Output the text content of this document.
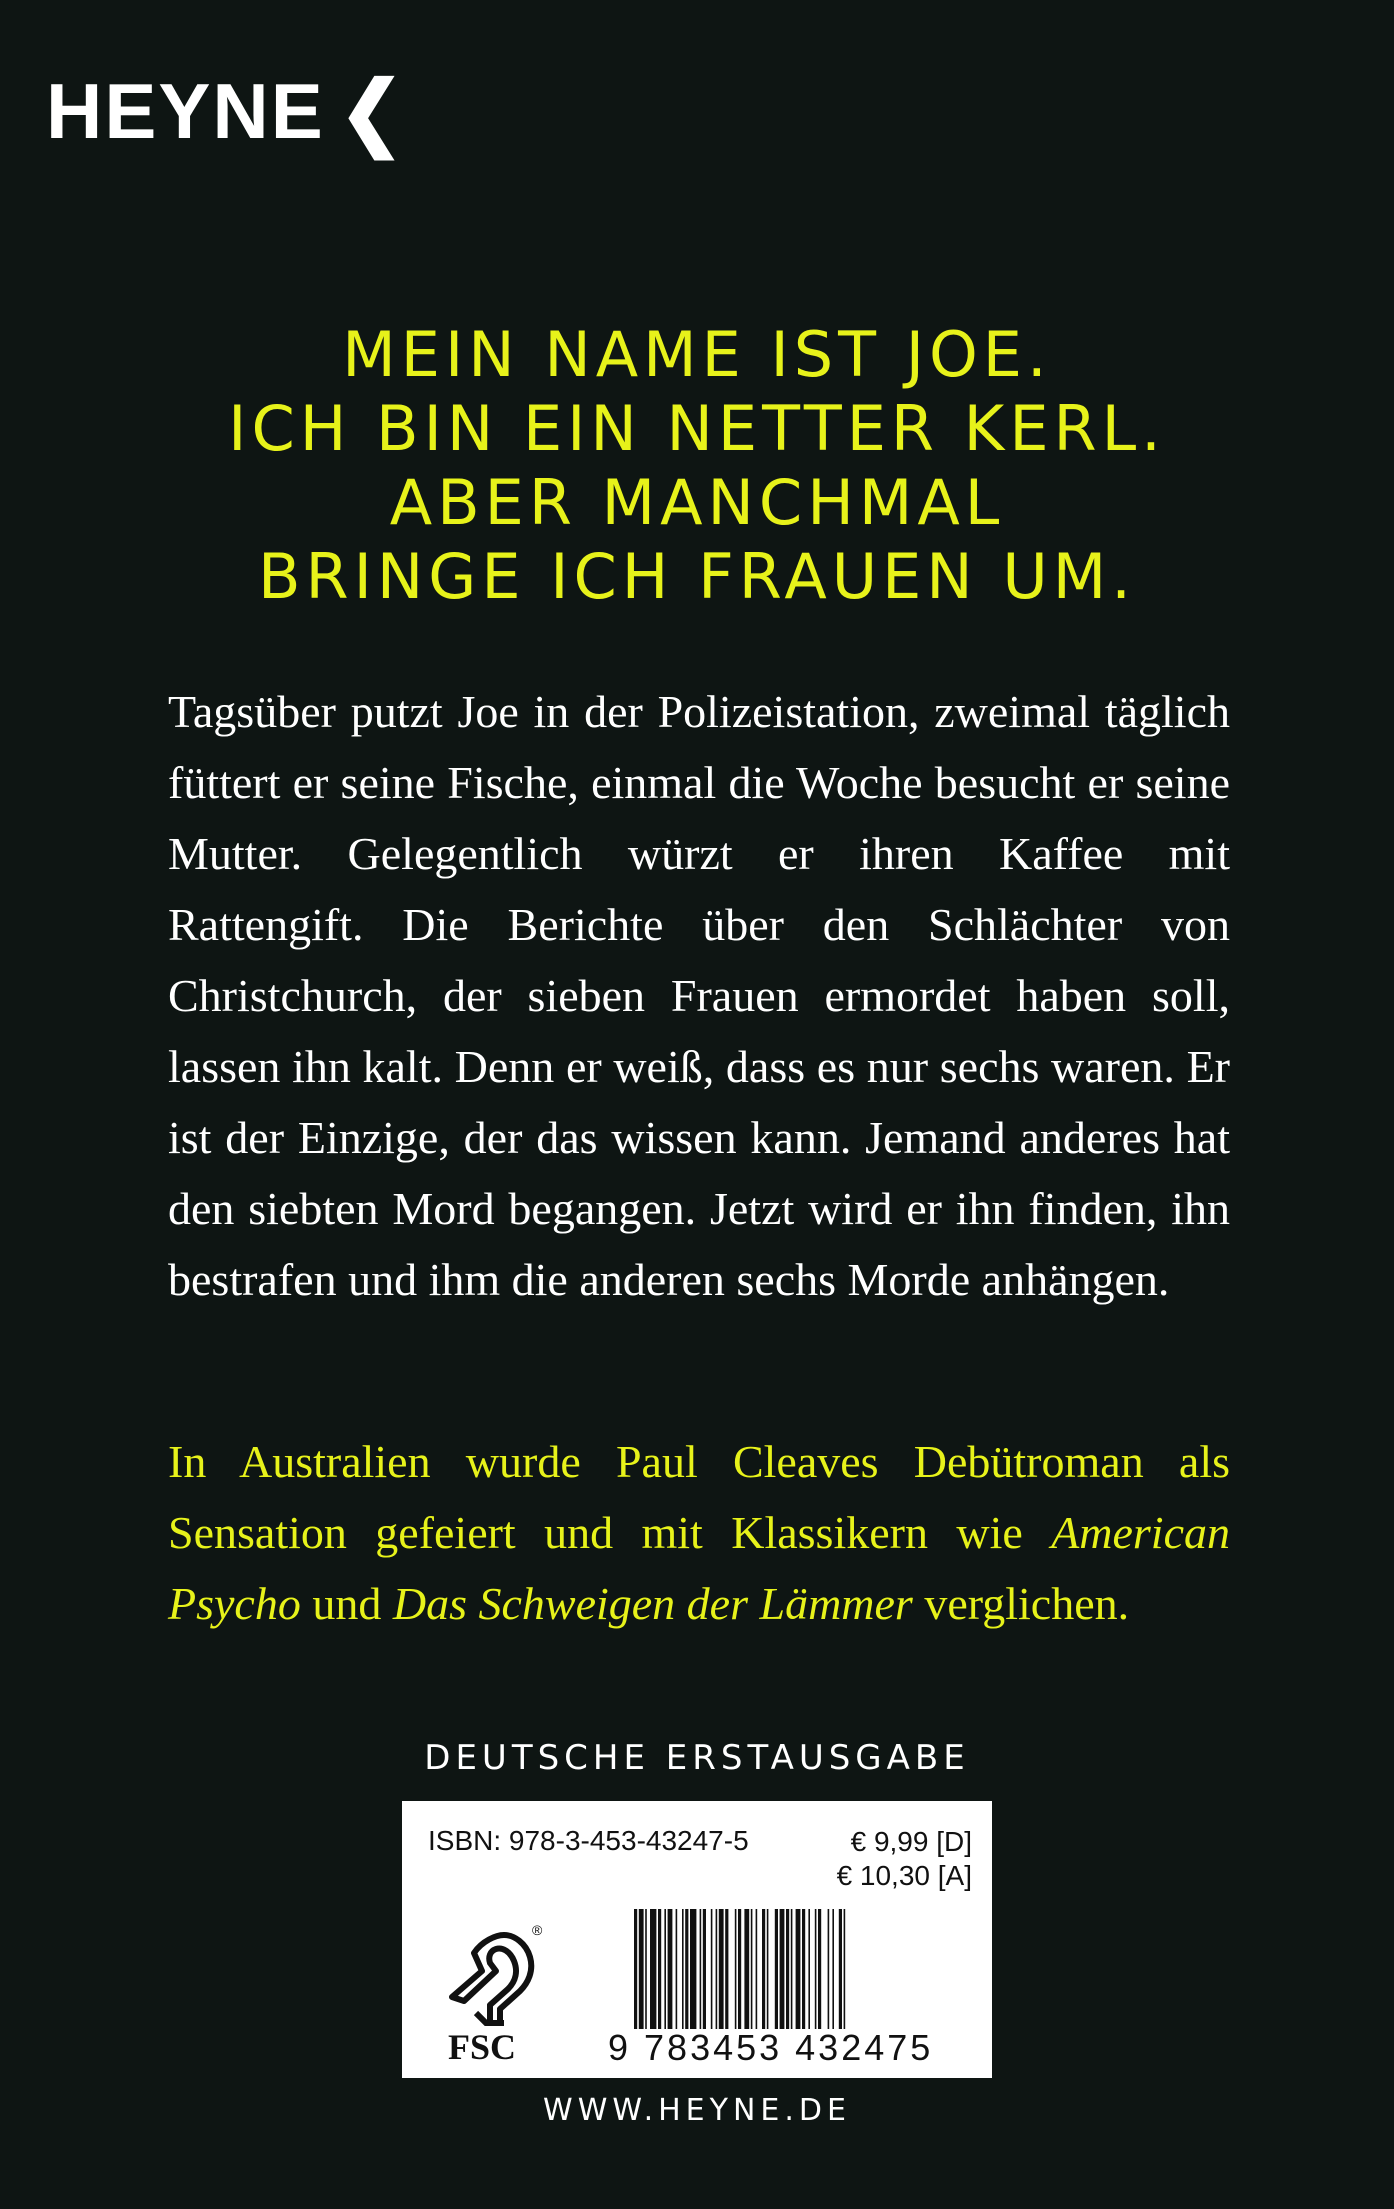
HEYNE ❮
MEIN NAME IST JOE.
ICH BIN EIN NETTER KERL.
ABER MANCHMAL
BRINGE ICH FRAUEN UM.
Tagsüber putzt Joe in der Polizeistation, zweimal täglich füttert er seine Fische, einmal die Woche besucht er seine Mutter. Gelegentlich würzt er ihren Kaffee mit Rattengift. Die Berichte über den Schlächter von Christchurch, der sieben Frauen ermordet haben soll, lassen ihn kalt. Denn er weiß, dass es nur sechs waren. Er ist der Einzige, der das wissen kann. Jemand anderes hat den siebten Mord begangen. Jetzt wird er ihn finden, ihn bestrafen und ihm die anderen sechs Morde anhängen.
In Australien wurde Paul Cleaves Debütroman als Sensation gefeiert und mit Klassikern wie American Psycho und Das Schweigen der Lämmer verglichen.
DEUTSCHE ERSTAUSGABE
ISBN: 978-3-453-43247-5	€ 9,99 [D]
€ 10,30 [A]
®
FSC	9 783453 432475
WWW.HEYNE.DE
